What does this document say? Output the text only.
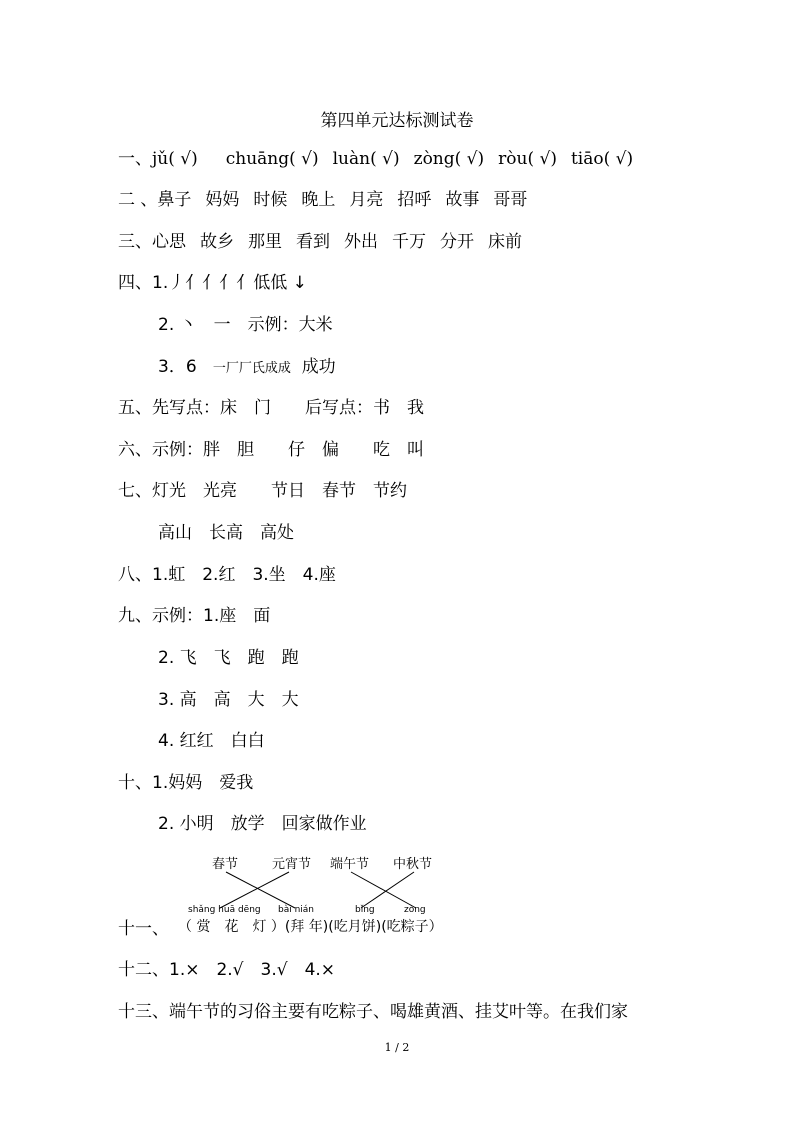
第四单元达标测试卷
一、jǔ( √) chuāng( √) luàn( √) zòng( √) ròu( √) tiāo( √)
二 、鼻子 妈妈 时候 晚上 月亮 招呼 故事 哥哥
三、心思 故乡 那里 看到 外出 千万 分开 床前
四、1.丿亻亻亻亻低低 ↓
2. 丶　一　示例：大米
3．6 一厂厂氏成成 成功
五、先写点：床　门　　后写点：书　我
六、示例：胖　胆　　仔　偏　　吃　叫
七、灯光　光亮　　节日　春节　节约
高山　长高　高处
八、1.虹　2.红　3.坐　4.座
九、示例：1.座　面
2. 飞　飞　跑　跑
3. 高　高　大　大
4. 红红　白白
十、1.妈妈　爱我
2. 小明　放学　回家做作业
春节	元宵节 端午节 中秋节
shǎng huā dēng bài nián	bǐng	zòng
十一、 （ 赏　花　灯 ）(拜 年)(吃月饼)(吃粽子）
十二、1.×　2.√　3.√　4.×
十三、端午节的习俗主要有吃粽子、喝雄黄酒、挂艾叶等。在我们家
1 / 2
